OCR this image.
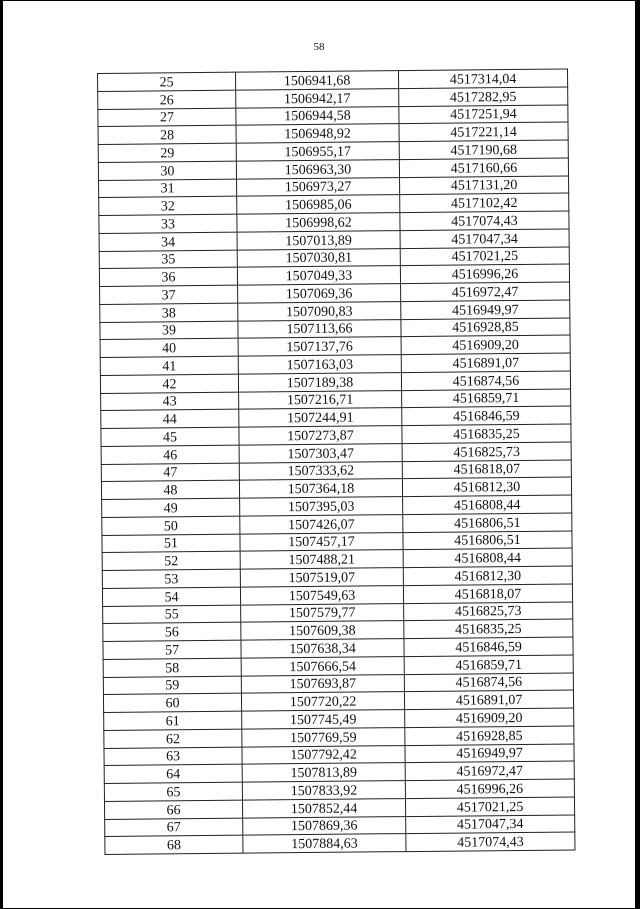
58
25	1506941,68	4517314,04
26	1506942,17	4517282,95
27	1506944,58	4517251,94
28	1506948,92	4517221,14
29	1506955,17	4517190,68
30	1506963,30	4517160,66
31	1506973,27	4517131,20
32	1506985,06	4517102,42
33	1506998,62	4517074,43
34	1507013,89	4517047,34
35	1507030,81	4517021,25
36	1507049,33	4516996,26
37	1507069,36	4516972,47
38	1507090,83	4516949,97
39	1507113,66	4516928,85
40	1507137,76	4516909,20
41	1507163,03	4516891,07
42	1507189,38	4516874,56
43	1507216,71	4516859,71
44	1507244,91	4516846,59
45	1507273,87	4516835,25
46	1507303,47	4516825,73
47	1507333,62	4516818,07
48	1507364,18	4516812,30
49	1507395,03	4516808,44
50	1507426,07	4516806,51
51	1507457,17	4516806,51
52	1507488,21	4516808,44
53	1507519,07	4516812,30
54	1507549,63	4516818,07
55	1507579,77	4516825,73
56	1507609,38	4516835,25
57	1507638,34	4516846,59
58	1507666,54	4516859,71
59	1507693,87	4516874,56
60	1507720,22	4516891,07
61	1507745,49	4516909,20
62	1507769,59	4516928,85
63	1507792,42	4516949,97
64	1507813,89	4516972,47
65	1507833,92	4516996,26
66	1507852,44	4517021,25
67	1507869,36	4517047,34
68	1507884,63	4517074,43
